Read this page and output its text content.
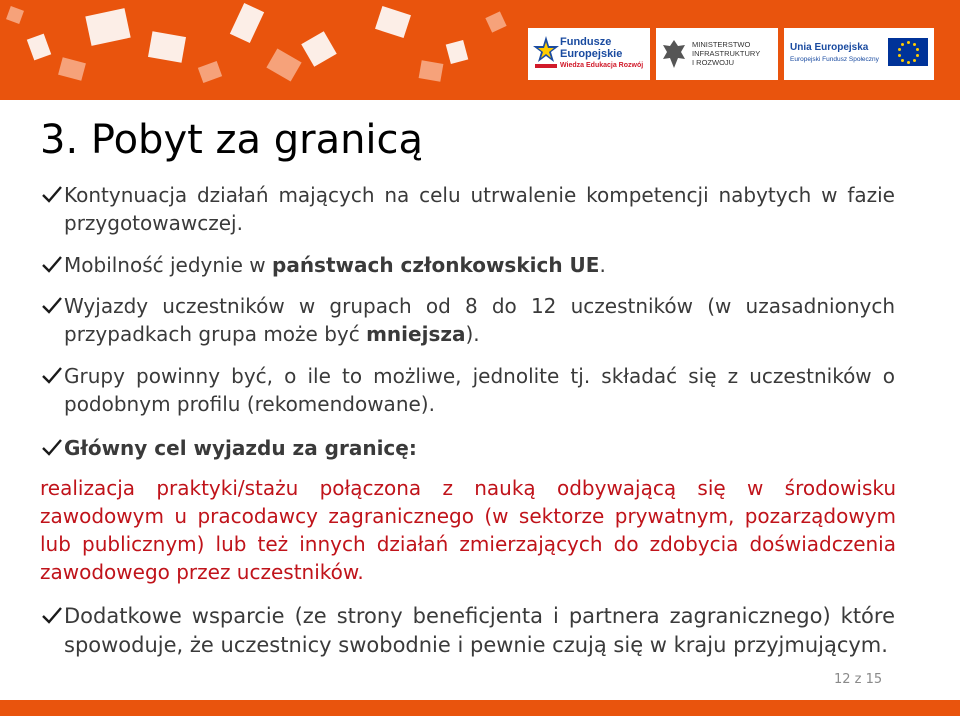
Fundusze
Europejskie
Wiedza Edukacja Rozwój
MINISTERSTWO
INFRASTRUKTURY
I ROZWOJU
Unia Europejska
Europejski Fundusz Społeczny
3. Pobyt za granicą
Kontynuacja działań mających na celu utrwalenie kompetencji nabytych w fazie przygotowawczej.
Mobilność jedynie w państwach członkowskich UE.
Wyjazdy uczestników w grupach od 8 do 12 uczestników (w uzasadnionych przypadkach grupa może być mniejsza).
Grupy powinny być, o ile to możliwe, jednolite tj. składać się z uczestników o podobnym profilu (rekomendowane).
Główny cel wyjazdu za granicę:

realizacja praktyki/stażu połączona z nauką odbywającą się w środowisku zawodowym u pracodawcy zagranicznego (w sektorze prywatnym, pozarządowym lub publicznym) lub też innych działań zmierzających do zdobycia doświadczenia zawodowego przez uczestników.

Dodatkowe wsparcie (ze strony beneficjenta i partnera zagranicznego) które spowoduje, że uczestnicy swobodnie i pewnie czują się w kraju przyjmującym.
12 z 15
